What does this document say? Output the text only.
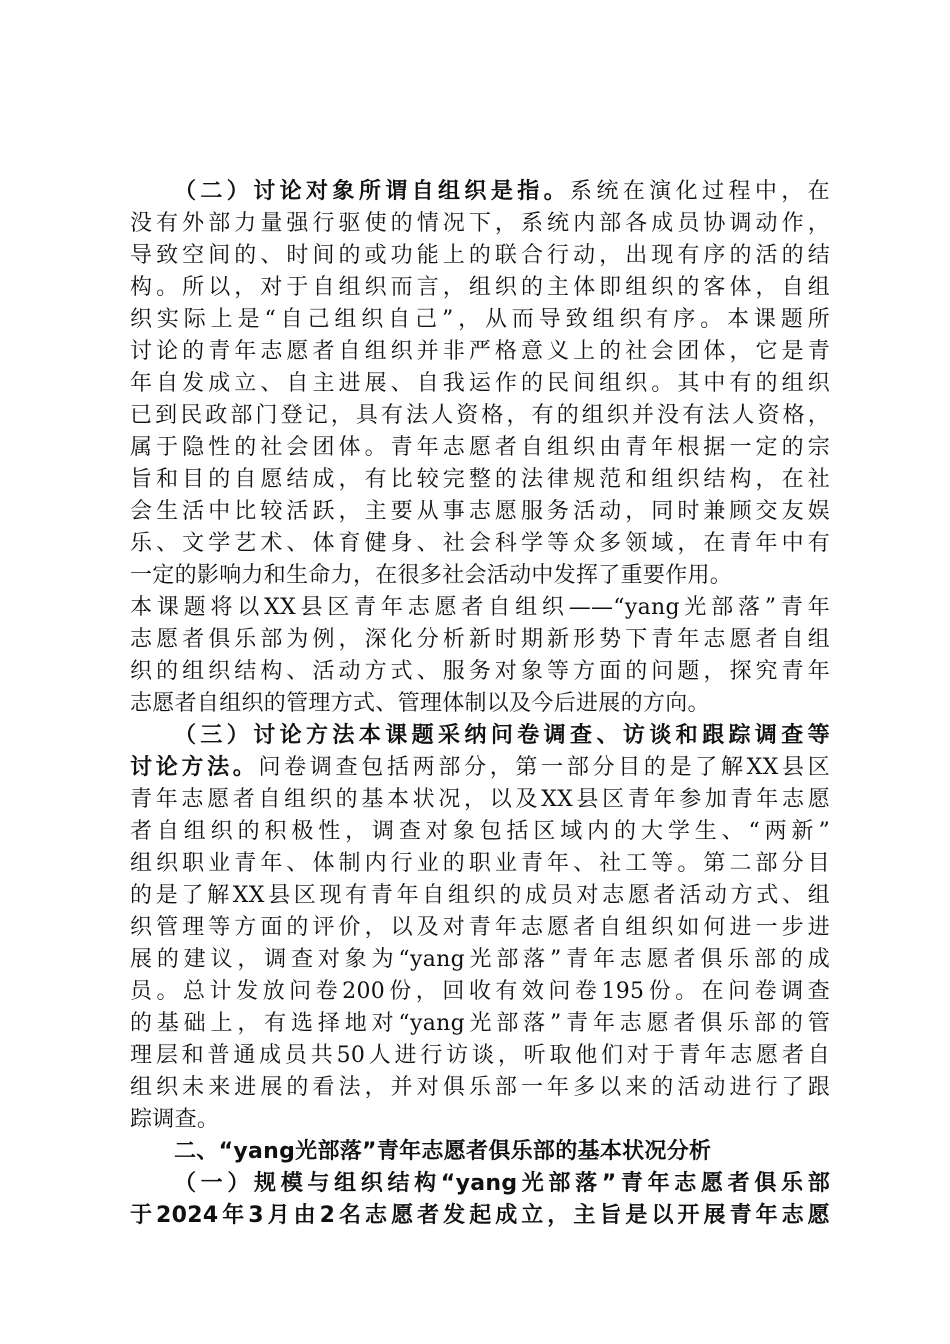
（二）讨论对象所谓自组织是指。系统在演化过程中，在
没有外部力量强行驱使的情况下，系统内部各成员协调动作，
导致空间的、时间的或功能上的联合行动，出现有序的活的结
构。所以，对于自组织而言，组织的主体即组织的客体，自组
织实际上是“自己组织自己”，从而导致组织有序。本课题所
讨论的青年志愿者自组织并非严格意义上的社会团体，它是青
年自发成立、自主进展、自我运作的民间组织。其中有的组织
已到民政部门登记，具有法人资格，有的组织并没有法人资格，
属于隐性的社会团体。青年志愿者自组织由青年根据一定的宗
旨和目的自愿结成，有比较完整的法律规范和组织结构，在社
会生活中比较活跃，主要从事志愿服务活动，同时兼顾交友娱
乐、文学艺术、体育健身、社会科学等众多领域，在青年中有
一定的影响力和生命力，在很多社会活动中发挥了重要作用。
本课题将以XX县区青年志愿者自组织——“yang光部落”青年
志愿者俱乐部为例，深化分析新时期新形势下青年志愿者自组
织的组织结构、活动方式、服务对象等方面的问题，探究青年
志愿者自组织的管理方式、管理体制以及今后进展的方向。
（三）讨论方法本课题采纳问卷调查、访谈和跟踪调查等
讨论方法。问卷调查包括两部分，第一部分目的是了解XX县区
青年志愿者自组织的基本状况，以及XX县区青年参加青年志愿
者自组织的积极性，调查对象包括区域内的大学生、“两新”
组织职业青年、体制内行业的职业青年、社工等。第二部分目
的是了解XX县区现有青年自组织的成员对志愿者活动方式、组
织管理等方面的评价，以及对青年志愿者自组织如何进一步进
展的建议，调查对象为“yang光部落”青年志愿者俱乐部的成
员。总计发放问卷200份，回收有效问卷195份。在问卷调查
的基础上，有选择地对“yang光部落”青年志愿者俱乐部的管
理层和普通成员共50人进行访谈，听取他们对于青年志愿者自
组织未来进展的看法，并对俱乐部一年多以来的活动进行了跟
踪调查。
二、“yang光部落”青年志愿者俱乐部的基本状况分析
（一）规模与组织结构“yang光部落”青年志愿者俱乐部
于2024年3月由2名志愿者发起成立，主旨是以开展青年志愿
